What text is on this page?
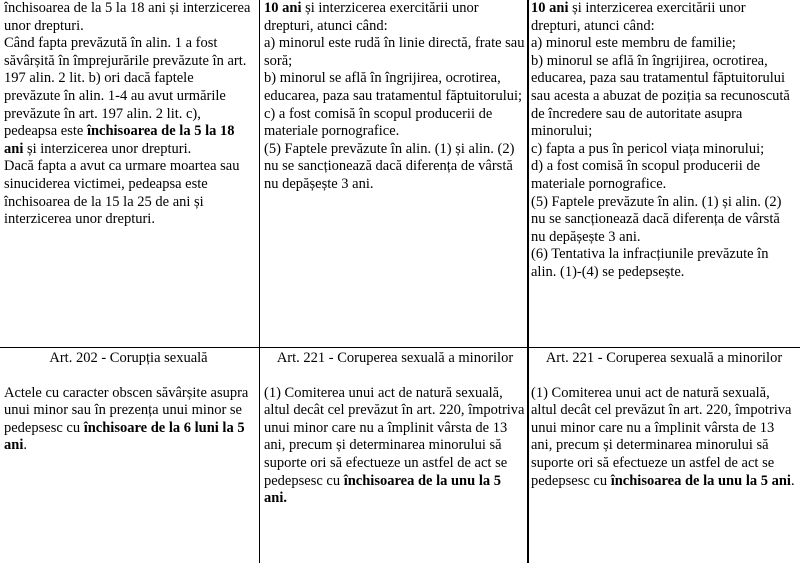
închisoarea de la 5 la 18 ani și interzicerea unor drepturi.

Când fapta prevăzută în alin. 1 a fost săvârșită în împrejurările prevăzute în art. 197 alin. 2 lit. b) ori dacă faptele prevăzute în alin. 1-4 au avut urmările prevăzute în art. 197 alin. 2 lit. c), pedeapsa este închisoarea de la 5 la 18 ani și interzicerea unor drepturi.

Dacă fapta a avut ca urmare moartea sau sinuciderea victimei, pedeapsa este închisoarea de la 15 la 25 de ani și interzicerea unor drepturi.

10 ani și interzicerea exercitării unor drepturi, atunci când:

a) minorul este rudă în linie directă, frate sau soră;

b) minorul se află în îngrijirea, ocrotirea, educarea, paza sau tratamentul făptuitorului;

c) a fost comisă în scopul producerii de materiale pornografice.

(5) Faptele prevăzute în alin. (1) și alin. (2) nu se sancționează dacă diferența de vârstă nu depășește 3 ani.

10 ani și interzicerea exercitării unor drepturi, atunci când:

a) minorul este membru de familie;

b) minorul se află în îngrijirea, ocrotirea, educarea, paza sau tratamentul făptuitorului sau acesta a abuzat de poziția sa recunoscută de încredere sau de autoritate asupra minorului;

c) fapta a pus în pericol viața minorului;

d) a fost comisă în scopul producerii de materiale pornografice.

(5) Faptele prevăzute în alin. (1) și alin. (2) nu se sancționează dacă diferența de vârstă nu depășește 3 ani.

(6) Tentativa la infracțiunile prevăzute în alin. (1)-(4) se pedepsește.

Art. 202 - Corupția sexuală

Actele cu caracter obscen săvârșite asupra unui minor sau în prezența unui minor se pedepsesc cu închisoare de la 6 luni la 5 ani.

Art. 221 - Coruperea sexuală a minorilor

(1) Comiterea unui act de natură sexuală, altul decât cel prevăzut în art. 220, împotriva unui minor care nu a împlinit vârsta de 13 ani, precum și determinarea minorului să suporte ori să efectueze un astfel de act se pedepsesc cu închisoarea de la unu la 5 ani.

Art. 221 - Coruperea sexuală a minorilor

(1) Comiterea unui act de natură sexuală, altul decât cel prevăzut în art. 220, împotriva unui minor care nu a împlinit vârsta de 13 ani, precum și determinarea minorului să suporte ori să efectueze un astfel de act se pedepsesc cu închisoarea de la unu la 5 ani.
